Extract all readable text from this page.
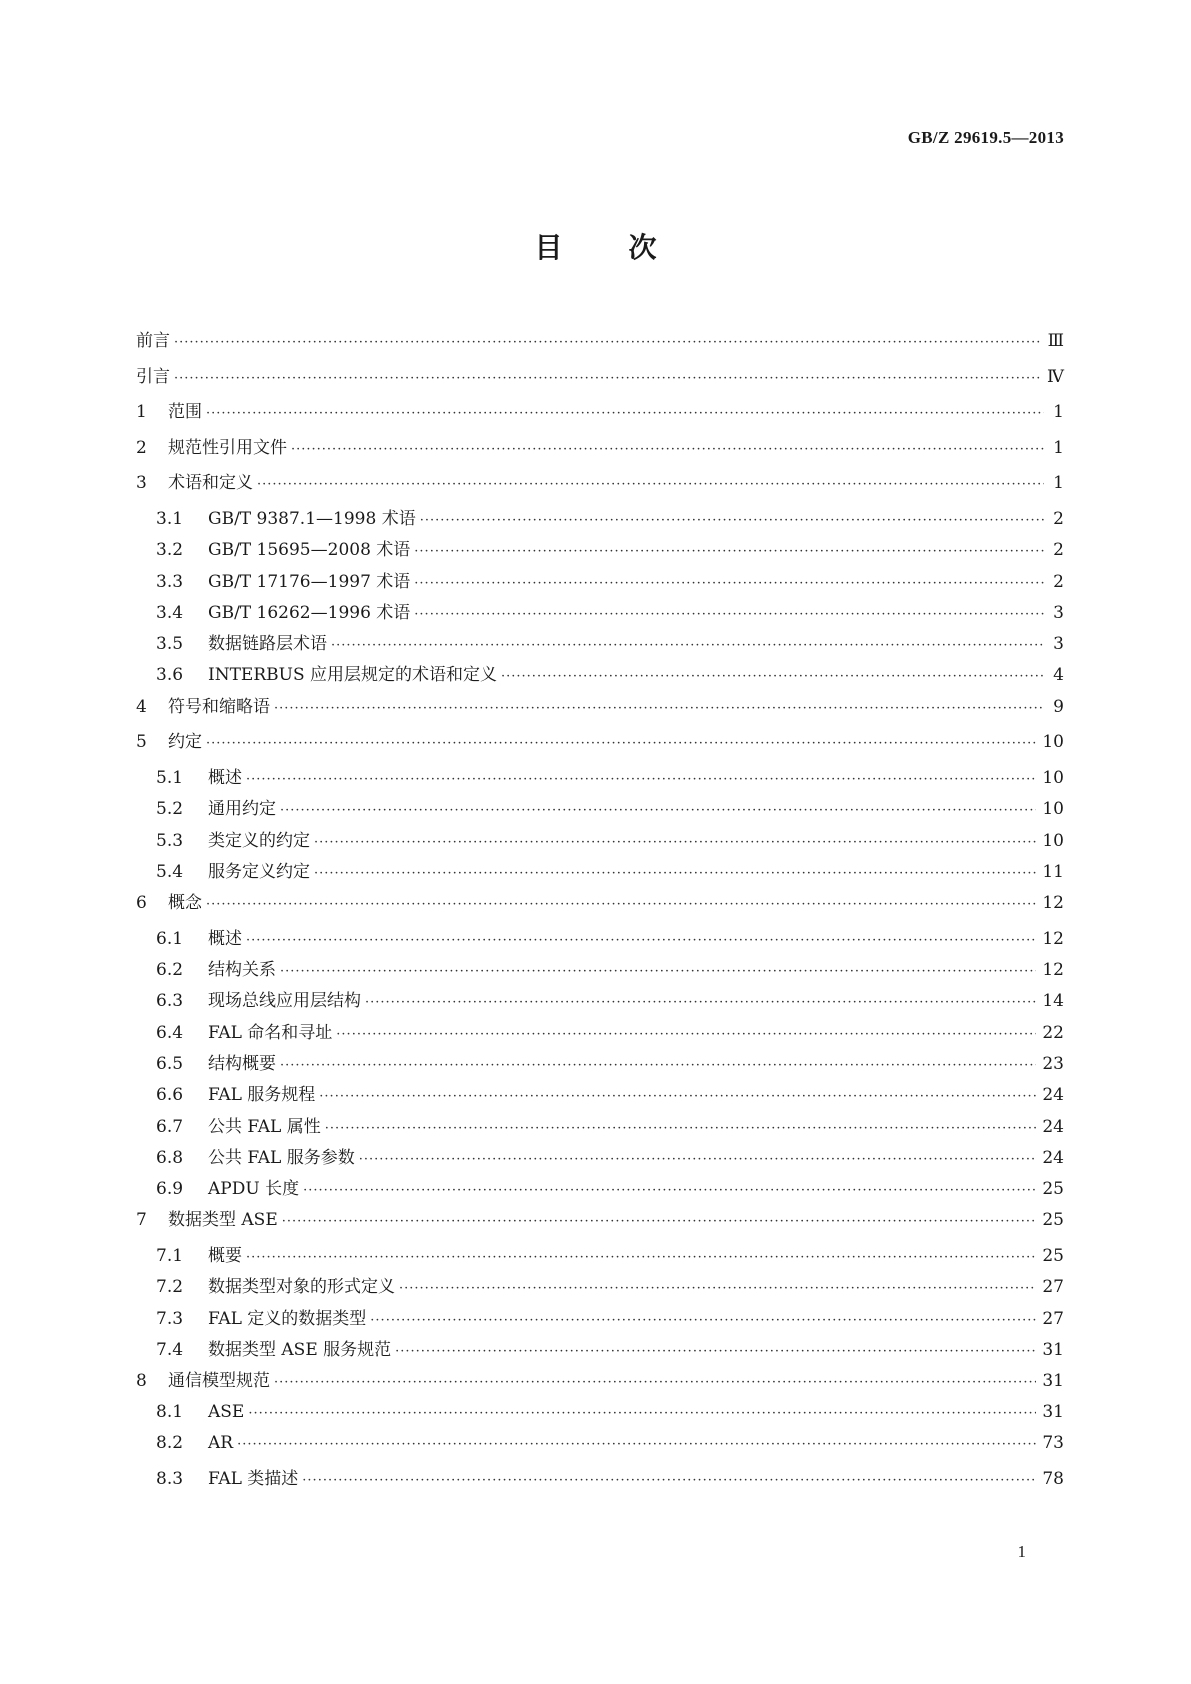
GB/Z 29619.5—2013
目 次
前言 ·····	Ⅲ
引言 ·····	Ⅳ
1	范围 ·····	1
2	规范性引用文件 ·····	1
3	术语和定义 ·····	1
3.1	GB/T 9387.1—1998 术语 ·····	2
3.2	GB/T 15695—2008 术语 ·····	2
3.3	GB/T 17176—1997 术语 ·····	2
3.4	GB/T 16262—1996 术语 ·····	3
3.5	数据链路层术语 ·····	3
3.6	INTERBUS 应用层规定的术语和定义 ·····	4
4	符号和缩略语 ·····	9
5	约定 ·····	10
5.1	概述 ·····	10
5.2	通用约定 ·····	10
5.3	类定义的约定 ·····	10
5.4	服务定义约定 ·····	11
6	概念 ·····	12
6.1	概述 ·····	12
6.2	结构关系 ·····	12
6.3	现场总线应用层结构 ·····	14
6.4	FAL 命名和寻址 ·····	22
6.5	结构概要 ·····	23
6.6	FAL 服务规程 ·····	24
6.7	公共 FAL 属性 ·····	24
6.8	公共 FAL 服务参数 ·····	24
6.9	APDU 长度 ·····	25
7	数据类型 ASE ·····	25
7.1	概要 ·····	25
7.2	数据类型对象的形式定义 ·····	27
7.3	FAL 定义的数据类型 ·····	27
7.4	数据类型 ASE 服务规范 ·····	31
8	通信模型规范 ·····	31
8.1	ASE ·····	31
8.2	AR ·····	73
8.3	FAL 类描述 ·····	78
1
